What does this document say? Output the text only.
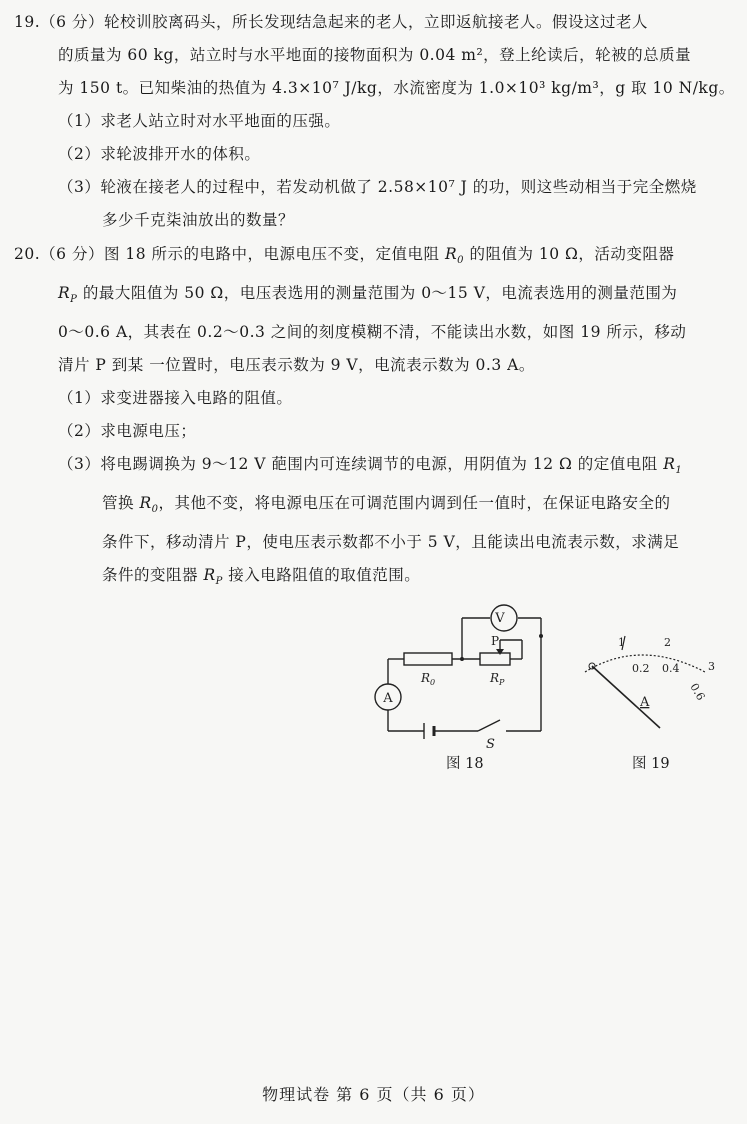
19.（6 分）轮校训胶离码头，所长发现结急起来的老人，立即返航接老人。假设这过老人
的质量为 60 kg，站立时与水平地面的接物面积为 0.04 m²，登上纶读后，轮被的总质量
为 150 t。已知柴油的热值为 4.3×10⁷ J/kg，水流密度为 1.0×10³ kg/m³，g 取 10 N/kg。
（1）求老人站立时对水平地面的压强。
（2）求轮波排开水的体积。
（3）轮液在接老人的过程中，若发动机做了 2.58×10⁷ J 的功，则这些动相当于完全燃烧
多少千克柒油放出的数量？
20.（6 分）图 18 所示的电路中，电源电压不变，定值电阻 $R_0$ 的阻值为 10 Ω，活动变阻器
$R_P$ 的最大阻值为 50 Ω，电压表选用的测量范围为 0～15 V，电流表选用的测量范围为
0～0.6 A，其表在 0.2～0.3 之间的刻度模糊不清，不能读出水数，如图 19 所示，移动
清片 P 到某 一位置时，电压表示数为 9 V，电流表示数为 0.3 A。
（1）求变进器接入电路的阻值。
（2）求电源电压；
（3）将电踢调换为 9～12 V 葩围内可连续调节的电源，用阴值为 12 Ω 的定值电阻 $R_1$
管换 $R_0$，其他不变，将电源电压在可调范围内调到任一值时，在保证电路安全的
条件下，移动清片 P，使电压表示数都不小于 5 V，且能读出电流表示数，求满足
条件的变阻器 $R_P$ 接入电路阻值的取值范围。
V
A
P
$R_0$	$R_P$
S
0.2 0.4
0.6
1	2
3
A
图 18	图 19
物理试卷 第 6 页（共 6 页）
